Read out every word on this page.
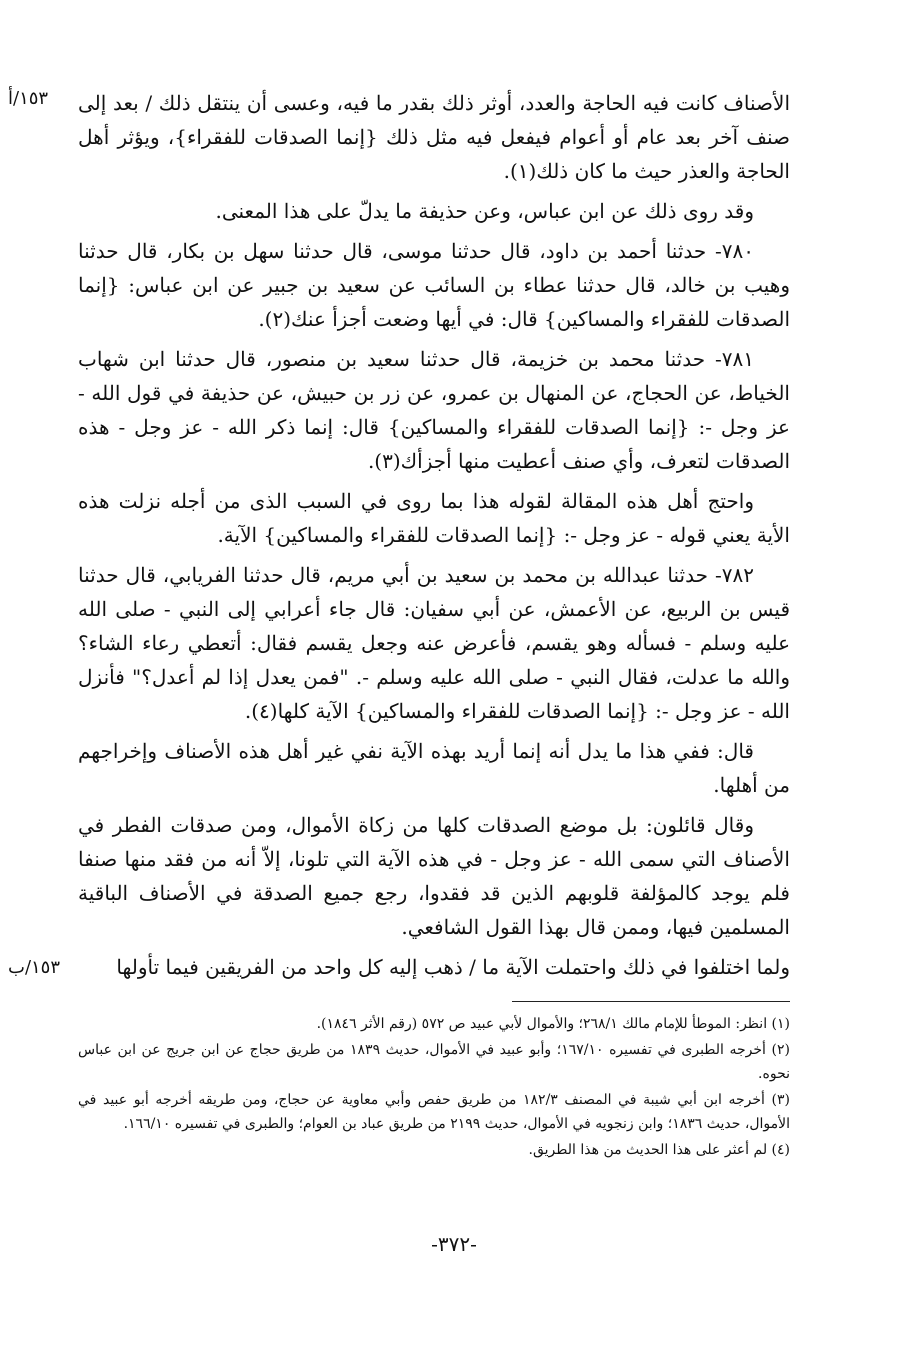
١٥٣/أ
١٥٣/ب

الأصناف كانت فيه الحاجة والعدد، أوثر ذلك بقدر ما فيه، وعسى أن ينتقل ذلك / بعد إلى صنف آخر بعد عام أو أعوام فيفعل فيه مثل ذلك {إنما الصدقات للفقراء}، ويؤثر أهل الحاجة والعذر حيث ما كان ذلك(١).

وقد روى ذلك عن ابن عباس، وعن حذيفة ما يدلّ على هذا المعنى.

٧٨٠- حدثنا أحمد بن داود، قال حدثنا موسى، قال حدثنا سهل بن بكار، قال حدثنا وهيب بن خالد، قال حدثنا عطاء بن السائب عن سعيد بن جبير عن ابن عباس: {إنما الصدقات للفقراء والمساكين} قال: في أيها وضعت أجزأ عنك(٢).

٧٨١- حدثنا محمد بن خزيمة، قال حدثنا سعيد بن منصور، قال حدثنا ابن شهاب الخياط، عن الحجاج، عن المنهال بن عمرو، عن زر بن حبيش، عن حذيفة في قول الله - عز وجل -: {إنما الصدقات للفقراء والمساكين} قال: إنما ذكر الله - عز وجل - هذه الصدقات لتعرف، وأي صنف أعطيت منها أجزأك(٣).

واحتج أهل هذه المقالة لقوله هذا بما روى في السبب الذى من أجله نزلت هذه الأية يعني قوله - عز وجل -: {إنما الصدقات للفقراء والمساكين} الآية.

٧٨٢- حدثنا عبدالله بن محمد بن سعيد بن أبي مريم، قال حدثنا الفريابي، قال حدثنا قيس بن الربيع، عن الأعمش، عن أبي سفيان: قال جاء أعرابي إلى النبي - صلى الله عليه وسلم - فسأله وهو يقسم، فأعرض عنه وجعل يقسم فقال: أتعطي رعاء الشاء؟ والله ما عدلت، فقال النبي - صلى الله عليه وسلم -. "فمن يعدل إذا لم أعدل؟" فأنزل الله - عز وجل -: {إنما الصدقات للفقراء والمساكين} الآية كلها(٤).

قال: ففي هذا ما يدل أنه إنما أريد بهذه الآية نفي غير أهل هذه الأصناف وإخراجهم من أهلها.

وقال قائلون: بل موضع الصدقات كلها من زكاة الأموال، ومن صدقات الفطر في الأصناف التي سمى الله - عز وجل - في هذه الآية التي تلونا، إلاّ أنه من فقد منها صنفا فلم يوجد كالمؤلفة قلوبهم الذين قد فقدوا، رجع جميع الصدقة في الأصناف الباقية المسلمين فيها، وممن قال بهذا القول الشافعي.

ولما اختلفوا في ذلك واحتملت الآية ما / ذهب إليه كل واحد من الفريقين فيما تأولها

(١) انظر: الموطأ للإمام مالك ٢٦٨/١؛ والأموال لأبي عبيد ص ٥٧٢ (رقم الأثر ١٨٤٦).

(٢) أخرجه الطبرى في تفسيره ١٦٧/١٠؛ وأبو عبيد في الأموال، حديث ١٨٣٩ من طريق حجاج عن ابن جريج عن ابن عباس نحوه.

(٣) أخرجه ابن أبي شيبة في المصنف ١٨٢/٣ من طريق حفص وأبي معاوية عن حجاج، ومن طريقه أخرجه أبو عبيد في الأموال، حديث ١٨٣٦؛ وابن زنجويه في الأموال، حديث ٢١٩٩ من طريق عباد بن العوام؛ والطبرى في تفسيره ١٦٦/١٠.

(٤) لم أعثر على هذا الحديث من هذا الطريق.

-٣٧٢-
